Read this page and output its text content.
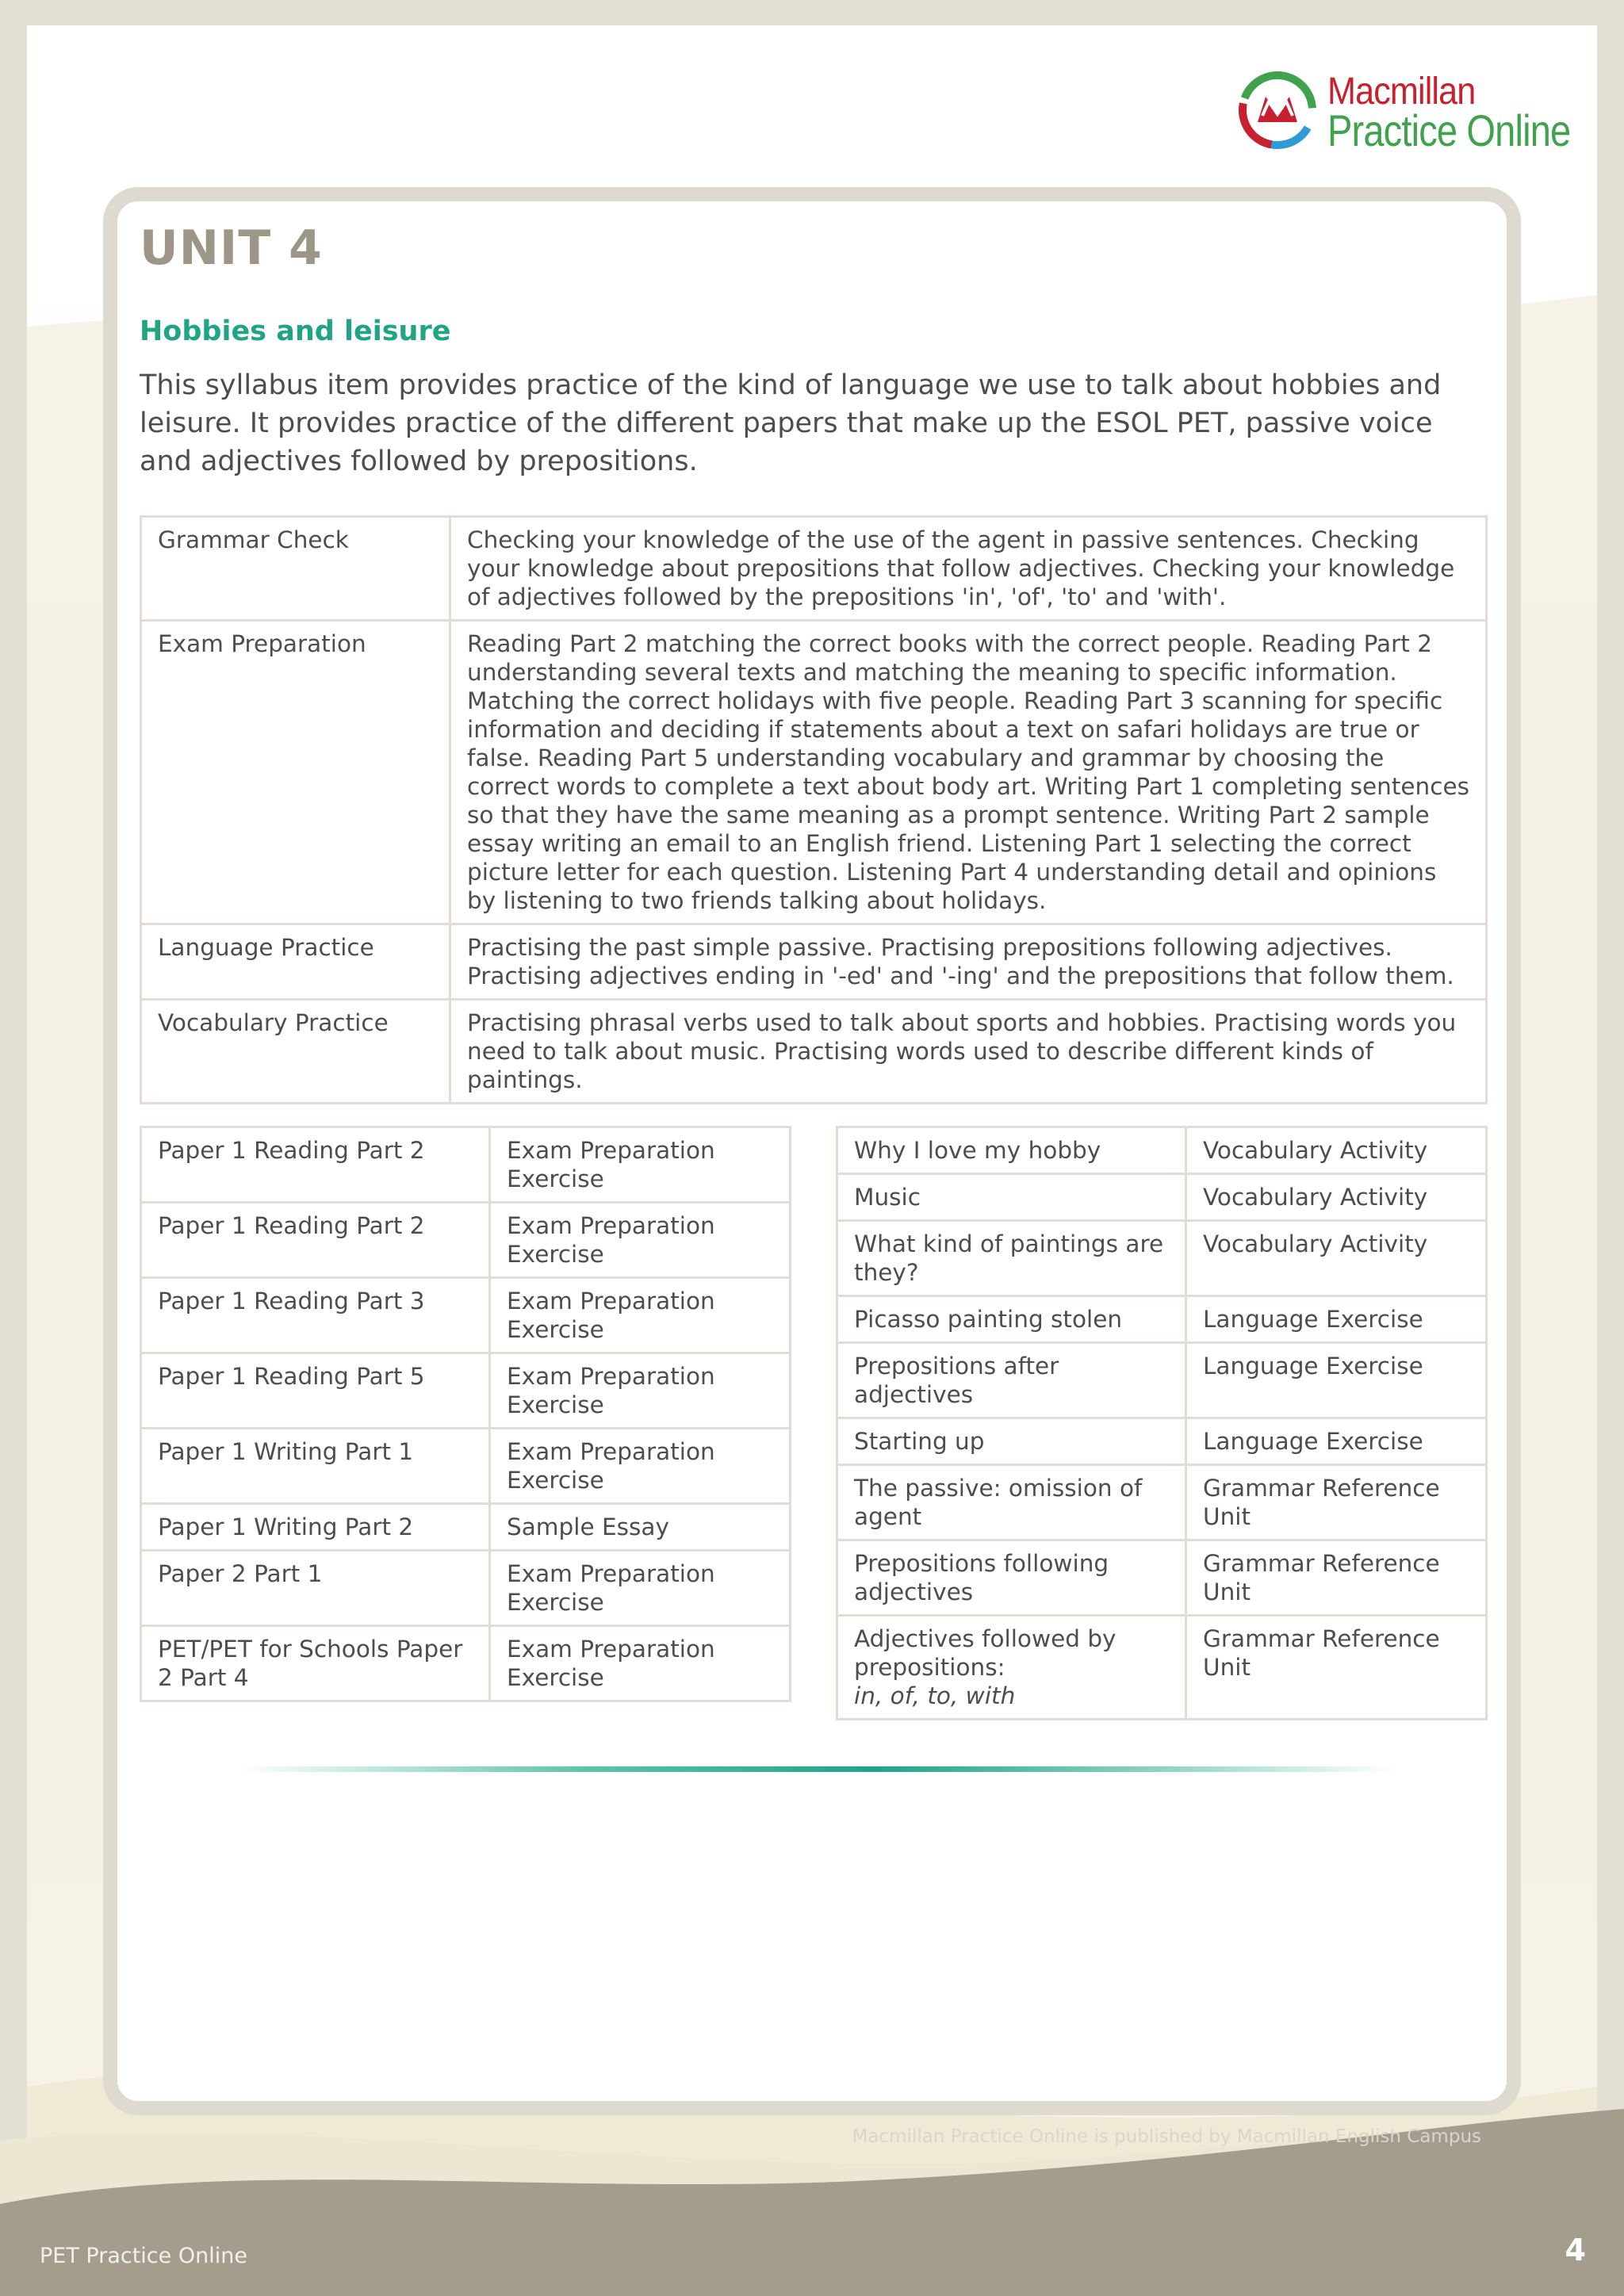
Macmillan
Practice Online
UNIT 4
Hobbies and leisure

This syllabus item provides practice of the kind of language we use to talk about hobbies and leisure. It provides practice of the different papers that make up the ESOL PET, passive voice and adjectives followed by prepositions.

Grammar Check	Checking your knowledge of the use of the agent in passive sentences. Checking your knowledge about prepositions that follow adjectives. Checking your knowledge of adjectives followed by the prepositions 'in', 'of', 'to' and 'with'.
Exam Preparation	Reading Part 2 matching the correct books with the correct people. Reading Part 2 understanding several texts and matching the meaning to specific information. Matching the correct holidays with five people. Reading Part 3 scanning for specific information and deciding if statements about a text on safari holidays are true or false. Reading Part 5 understanding vocabulary and grammar by choosing the correct words to complete a text about body art. Writing Part 1 completing sentences so that they have the same meaning as a prompt sentence. Writing Part 2 sample essay writing an email to an English friend. Listening Part 1 selecting the correct picture letter for each question. Listening Part 4 understanding detail and opinions by listening to two friends talking about holidays.
Language Practice	Practising the past simple passive. Practising prepositions following adjectives. Practising adjectives ending in '-ed' and '-ing' and the prepositions that follow them.
Vocabulary Practice	Practising phrasal verbs used to talk about sports and hobbies. Practising words you need to talk about music. Practising words used to describe different kinds of paintings.
Paper 1 Reading Part 2	Exam Preparation Exercise
Paper 1 Reading Part 2	Exam Preparation Exercise
Paper 1 Reading Part 3	Exam Preparation Exercise
Paper 1 Reading Part 5	Exam Preparation Exercise
Paper 1 Writing Part 1	Exam Preparation Exercise
Paper 1 Writing Part 2	Sample Essay
Paper 2 Part 1	Exam Preparation Exercise
PET/PET for Schools Paper 2 Part 4	Exam Preparation Exercise
Why I love my hobby	Vocabulary Activity
Music	Vocabulary Activity
What kind of paintings are they?	Vocabulary Activity
Picasso painting stolen	Language Exercise
Prepositions after adjectives	Language Exercise
Starting up	Language Exercise
The passive: omission of agent	Grammar Reference Unit
Prepositions following adjectives	Grammar Reference Unit
Adjectives followed by prepositions:
in, of, to, with	Grammar Reference Unit
Macmillan Practice Online is published by Macmillan English Campus
PET Practice Online	4
